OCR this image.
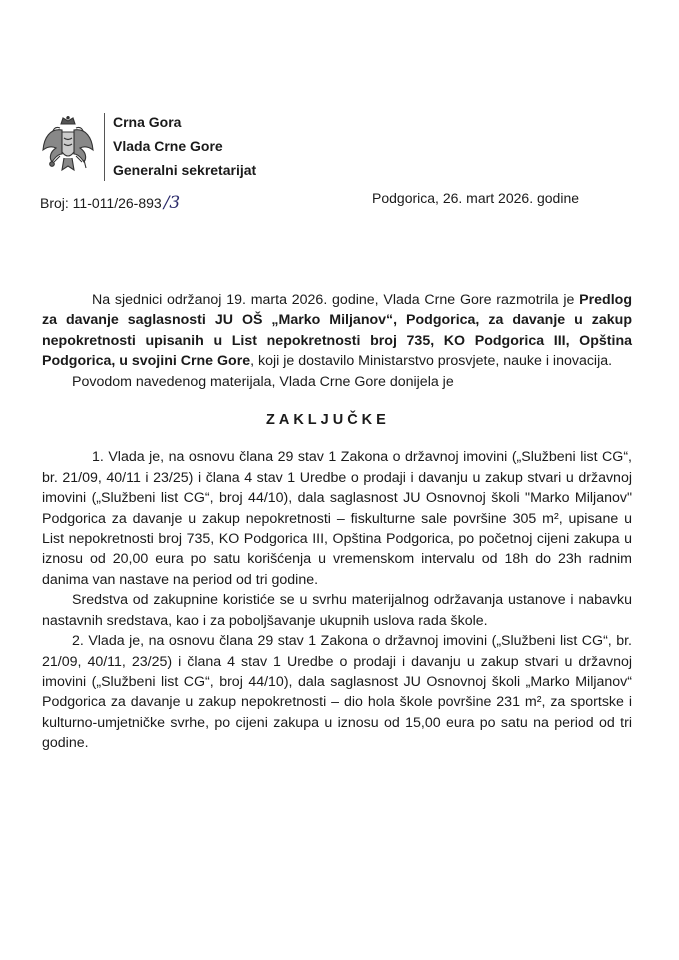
Crna Gora
Vlada Crne Gore
Generalni sekretarijat
Broj: 11-011/26-893 /3	Podgorica, 26. mart 2026. godine

Na sjednici održanoj 19. marta 2026. godine, Vlada Crne Gore razmotrila je Predlog za davanje saglasnosti JU OŠ „Marko Miljanov“, Podgorica, za davanje u zakup nepokretnosti upisanih u List nepokretnosti broj 735, KO Podgorica III, Opština Podgorica, u svojini Crne Gore, koji je dostavilo Ministarstvo prosvjete, nauke i inovacija.

Povodom navedenog materijala, Vlada Crne Gore donijela je

ZAKLJUČKE

1. Vlada je, na osnovu člana 29 stav 1 Zakona o državnoj imovini („Službeni list CG“, br. 21/09, 40/11 i 23/25) i člana 4 stav 1 Uredbe o prodaji i davanju u zakup stvari u državnoj imovini („Službeni list CG“, broj 44/10), dala saglasnost JU Osnovnoj školi "Marko Miljanov" Podgorica za davanje u zakup nepokretnosti – fiskulturne sale površine 305 m², upisane u List nepokretnosti broj 735, KO Podgorica III, Opština Podgorica, po početnoj cijeni zakupa u iznosu od 20,00 eura po satu korišćenja u vremenskom intervalu od 18h do 23h radnim danima van nastave na period od tri godine.

Sredstva od zakupnine koristiće se u svrhu materijalnog održavanja ustanove i nabavku nastavnih sredstava, kao i za poboljšavanje ukupnih uslova rada škole.

2. Vlada je, na osnovu člana 29 stav 1 Zakona o državnoj imovini („Službeni list CG“, br. 21/09, 40/11, 23/25) i člana 4 stav 1 Uredbe o prodaji i davanju u zakup stvari u državnoj imovini („Službeni list CG“, broj 44/10), dala saglasnost JU Osnovnoj školi „Marko Miljanov“ Podgorica za davanje u zakup nepokretnosti – dio hola škole površine 231 m², za sportske i kulturno-umjetničke svrhe, po cijeni zakupa u iznosu od 15,00 eura po satu na period od tri godine.
